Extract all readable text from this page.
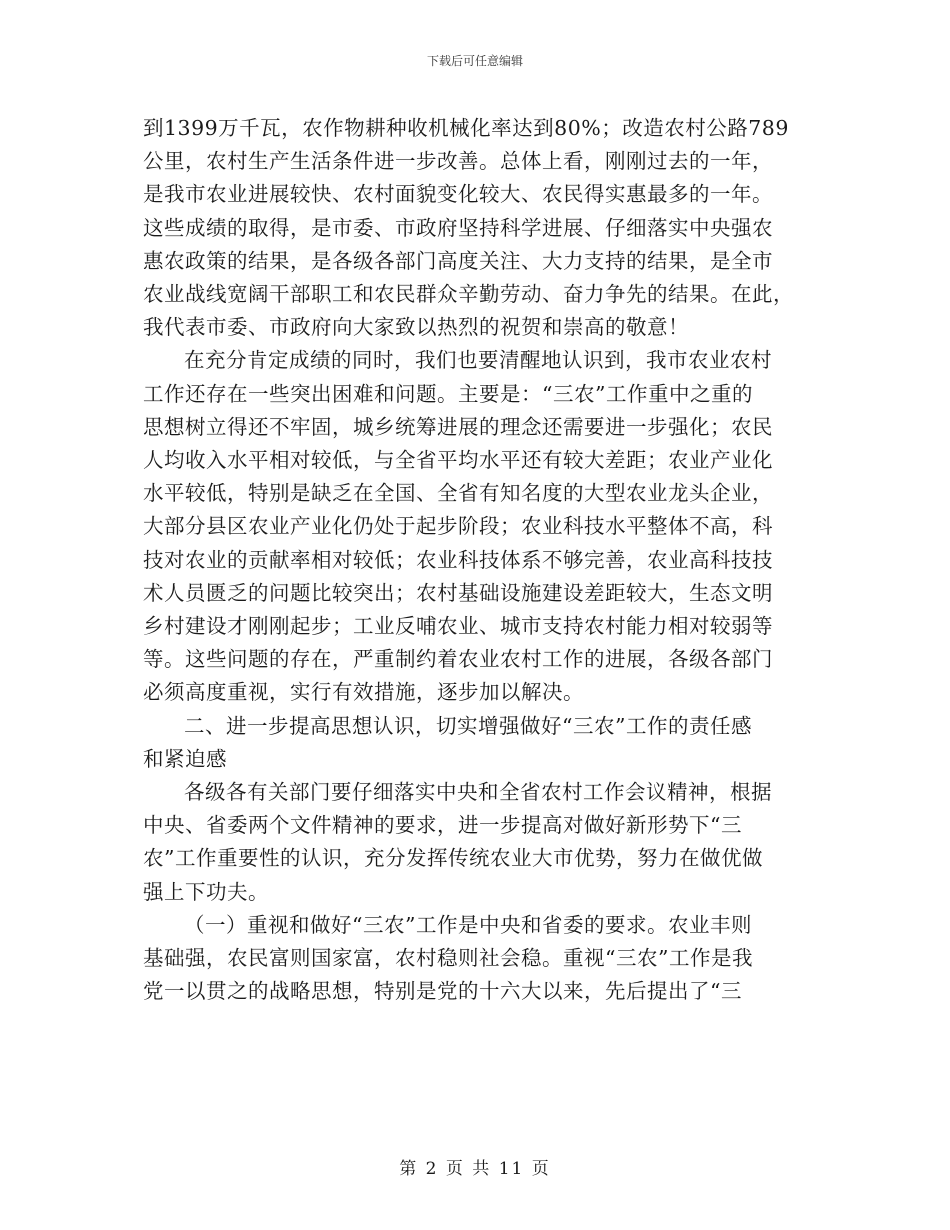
下载后可任意编辑

到1399万千瓦，农作物耕种收机械化率达到80%；改造农村公路789
公里，农村生产生活条件进一步改善。总体上看，刚刚过去的一年，
是我市农业进展较快、农村面貌变化较大、农民得实惠最多的一年。
这些成绩的取得，是市委、市政府坚持科学进展、仔细落实中央强农
惠农政策的结果，是各级各部门高度关注、大力支持的结果，是全市
农业战线宽阔干部职工和农民群众辛勤劳动、奋力争先的结果。在此，
我代表市委、市政府向大家致以热烈的祝贺和崇高的敬意！
在充分肯定成绩的同时，我们也要清醒地认识到，我市农业农村
工作还存在一些突出困难和问题。主要是：“三农”工作重中之重的
思想树立得还不牢固，城乡统筹进展的理念还需要进一步强化；农民
人均收入水平相对较低，与全省平均水平还有较大差距；农业产业化
水平较低，特别是缺乏在全国、全省有知名度的大型农业龙头企业，
大部分县区农业产业化仍处于起步阶段；农业科技水平整体不高，科
技对农业的贡献率相对较低；农业科技体系不够完善，农业高科技技
术人员匮乏的问题比较突出；农村基础设施建设差距较大，生态文明
乡村建设才刚刚起步；工业反哺农业、城市支持农村能力相对较弱等
等。这些问题的存在，严重制约着农业农村工作的进展，各级各部门
必须高度重视，实行有效措施，逐步加以解决。
二、进一步提高思想认识，切实增强做好“三农”工作的责任感
和紧迫感
各级各有关部门要仔细落实中央和全省农村工作会议精神，根据
中央、省委两个文件精神的要求，进一步提高对做好新形势下“三
农”工作重要性的认识，充分发挥传统农业大市优势，努力在做优做
强上下功夫。
（一）重视和做好“三农”工作是中央和省委的要求。农业丰则
基础强，农民富则国家富，农村稳则社会稳。重视“三农”工作是我
党一以贯之的战略思想，特别是党的十六大以来，先后提出了“三

第 2 页 共 11 页
